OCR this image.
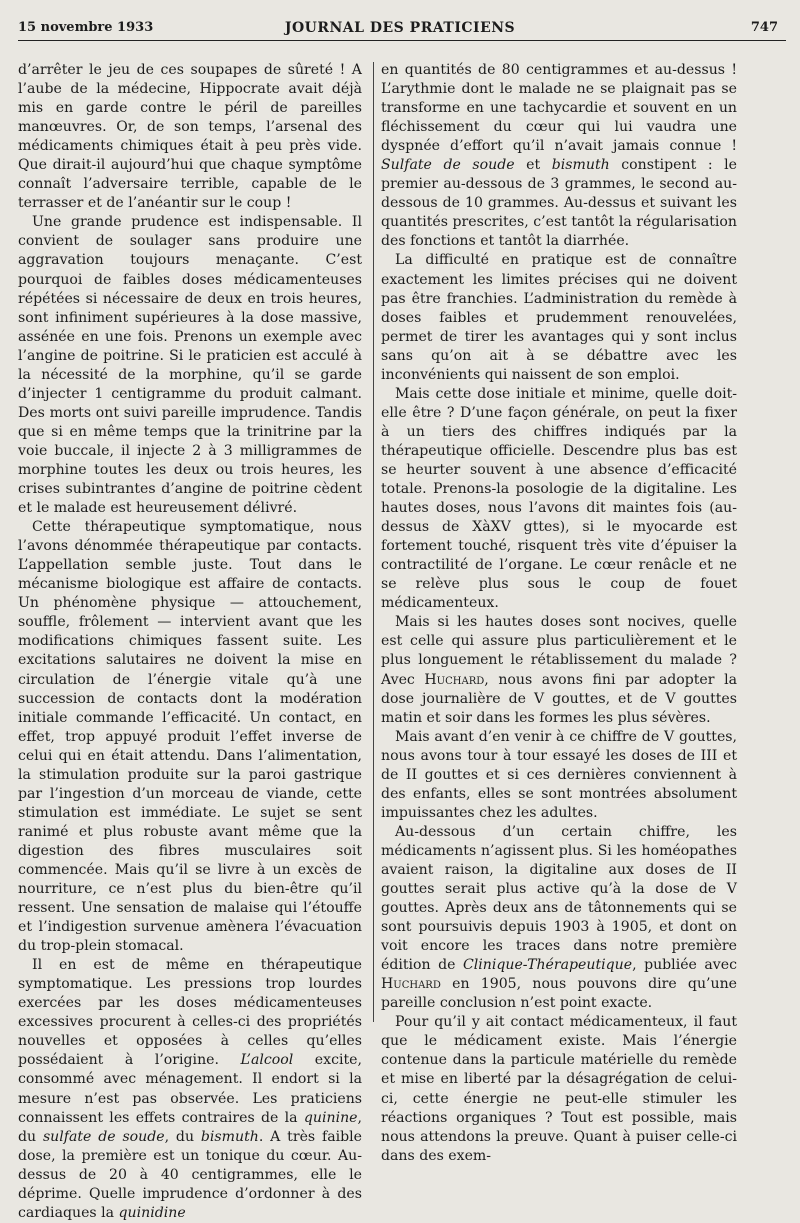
15 novembre 1933	JOURNAL DES PRATICIENS	747

d’arrêter le jeu de ces soupapes de sûreté ! A l’aube de la médecine, Hippocrate avait déjà mis en garde contre le péril de pareilles manœuvres. Or, de son temps, l’arsenal des médicaments chimiques était à peu près vide. Que dirait-il aujourd’hui que chaque symptôme connaît l’adversaire terrible, capable de le terrasser et de l’anéantir sur le coup !

Une grande prudence est indispensable. Il convient de soulager sans produire une aggravation toujours menaçante. C’est pourquoi de faibles doses médicamenteuses répétées si nécessaire de deux en trois heures, sont infiniment supérieures à la dose massive, assénée en une fois. Prenons un exemple avec l’angine de poitrine. Si le praticien est acculé à la nécessité de la morphine, qu’il se garde d’injecter 1 centigramme du produit calmant. Des morts ont suivi pareille imprudence. Tandis que si en même temps que la trinitrine par la voie buccale, il injecte 2 à 3 milligrammes de morphine toutes les deux ou trois heures, les crises subintrantes d’angine de poitrine cèdent et le malade est heureusement délivré.

Cette thérapeutique symptomatique, nous l’avons dénommée thérapeutique par contacts. L’appellation semble juste. Tout dans le mécanisme biologique est affaire de contacts. Un phénomène physique — attouchement, souffle, frôlement — intervient avant que les modifications chimiques fassent suite. Les excitations salutaires ne doivent la mise en circulation de l’énergie vitale qu’à une succession de contacts dont la modération initiale commande l’efficacité. Un contact, en effet, trop appuyé produit l’effet inverse de celui qui en était attendu. Dans l’alimentation, la stimulation produite sur la paroi gastrique par l’ingestion d’un morceau de viande, cette stimulation est immédiate. Le sujet se sent ranimé et plus robuste avant même que la digestion des fibres musculaires soit commencée. Mais qu’il se livre à un excès de nourriture, ce n’est plus du bien-être qu’il ressent. Une sensation de malaise qui l’étouffe et l’indigestion survenue amènera l’évacuation du trop-plein stomacal.

Il en est de même en thérapeutique symptomatique. Les pressions trop lourdes exercées par les doses médicamenteuses excessives procurent à celles-ci des propriétés nouvelles et opposées à celles qu’elles possédaient à l’origine. L’alcool excite, consommé avec ménagement. Il endort si la mesure n’est pas observée. Les praticiens connaissent les effets contraires de la quinine, du sulfate de soude, du bismuth. A très faible dose, la première est un tonique du cœur. Au-dessus de 20 à 40 centigrammes, elle le déprime. Quelle imprudence d’ordonner à des cardiaques la quinidine

en quantités de 80 centigrammes et au-dessus ! L’arythmie dont le malade ne se plaignait pas se transforme en une tachycardie et souvent en un fléchissement du cœur qui lui vaudra une dyspnée d’effort qu’il n’avait jamais connue ! Sulfate de soude et bismuth constipent : le premier au-dessous de 3 grammes, le second au-dessous de 10 grammes. Au-dessus et suivant les quantités prescrites, c’est tantôt la régularisation des fonctions et tantôt la diarrhée.

La difficulté en pratique est de connaître exactement les limites précises qui ne doivent pas être franchies. L’administration du remède à doses faibles et prudemment renouvelées, permet de tirer les avantages qui y sont inclus sans qu’on ait à se débattre avec les inconvénients qui naissent de son emploi.

Mais cette dose initiale et minime, quelle doit-elle être ? D’une façon générale, on peut la fixer à un tiers des chiffres indiqués par la thérapeutique officielle. Descendre plus bas est se heurter souvent à une absence d’efficacité totale. Prenons-la posologie de la digitaline. Les hautes doses, nous l’avons dit maintes fois (au-dessus de XàXV gttes), si le myocarde est fortement touché, risquent très vite d’épuiser la contractilité de l’organe. Le cœur renâcle et ne se relève plus sous le coup de fouet médicamenteux.

Mais si les hautes doses sont nocives, quelle est celle qui assure plus particulièrement et le plus longuement le rétablissement du malade ? Avec Huchard, nous avons fini par adopter la dose journalière de V gouttes, et de V gouttes matin et soir dans les formes les plus sévères.

Mais avant d’en venir à ce chiffre de V gouttes, nous avons tour à tour essayé les doses de III et de II gouttes et si ces dernières conviennent à des enfants, elles se sont montrées absolument impuissantes chez les adultes.

Au-dessous d’un certain chiffre, les médicaments n’agissent plus. Si les homéopathes avaient raison, la digitaline aux doses de II gouttes serait plus active qu’à la dose de V gouttes. Après deux ans de tâtonnements qui se sont poursuivis depuis 1903 à 1905, et dont on voit encore les traces dans notre première édition de Clinique-Thérapeutique, publiée avec Huchard en 1905, nous pouvons dire qu’une pareille conclusion n’est point exacte.

Pour qu’il y ait contact médicamenteux, il faut que le médicament existe. Mais l’énergie contenue dans la particule matérielle du remède et mise en liberté par la désagrégation de celui-ci, cette énergie ne peut-elle stimuler les réactions organiques ? Tout est possible, mais nous attendons la preuve. Quant à puiser celle-ci dans des exem-
